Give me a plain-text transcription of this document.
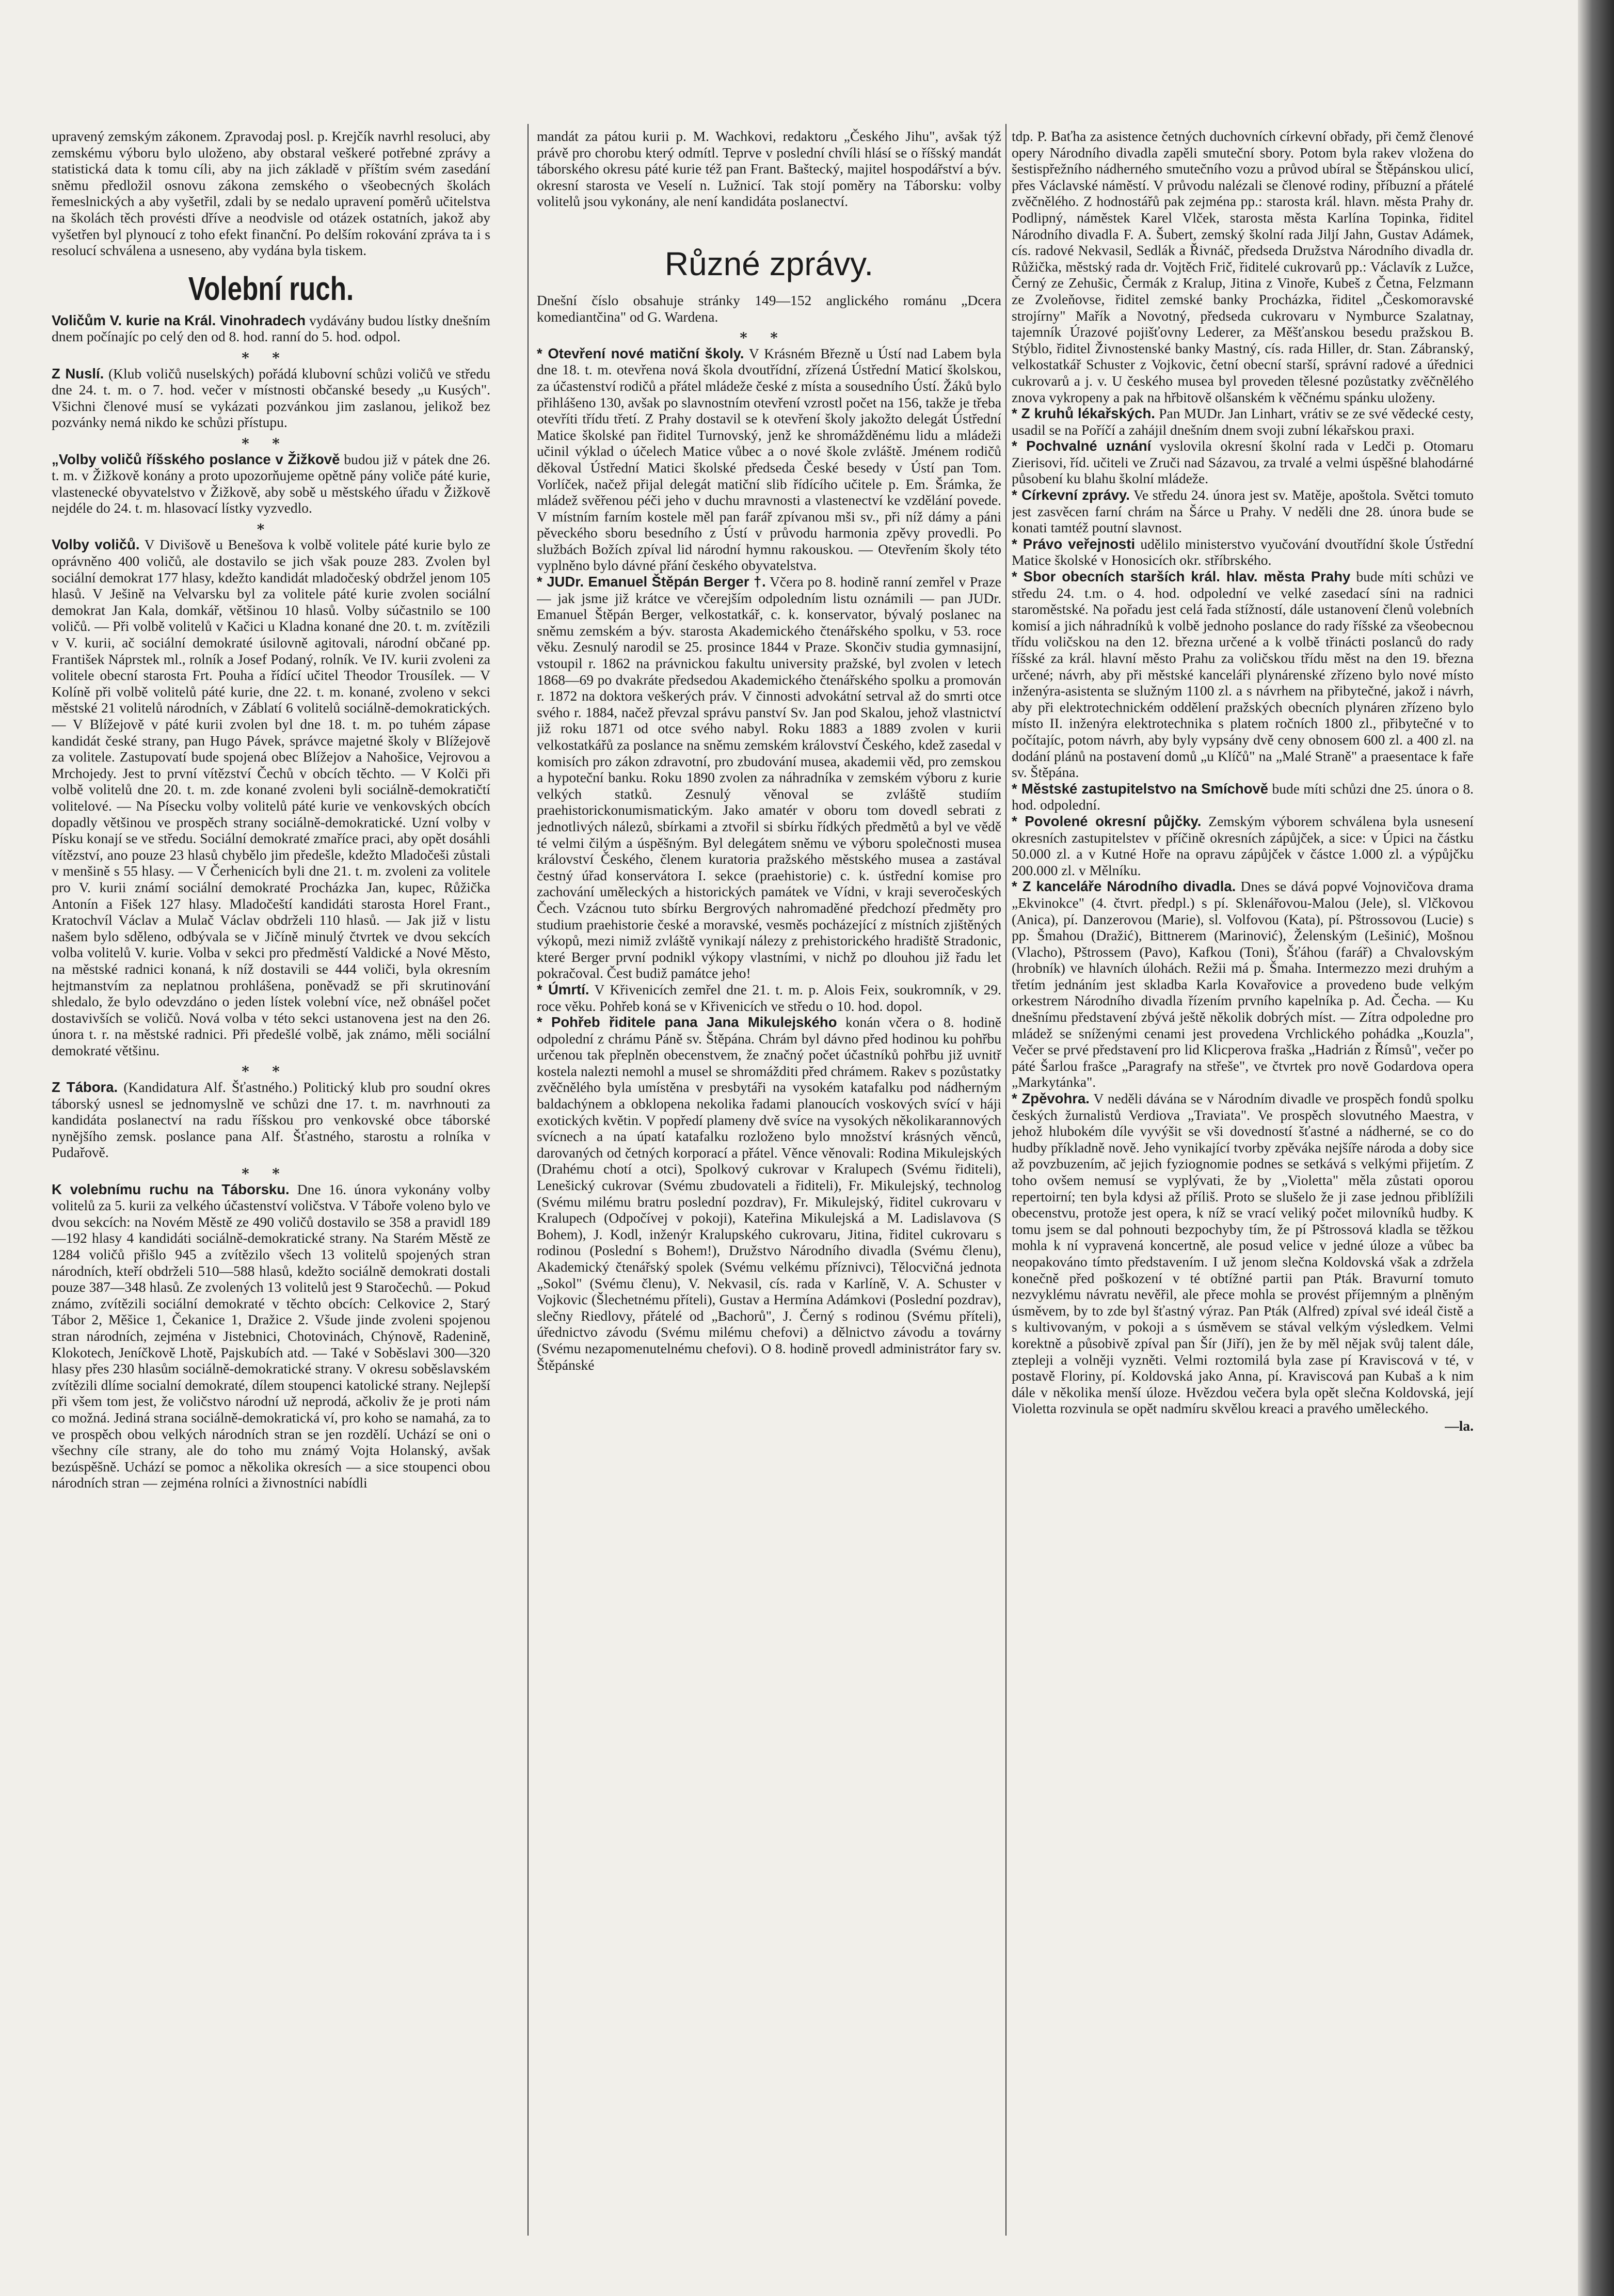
upravený zemským zákonem. Zpravodaj posl. p. Krejčík navrhl resoluci, aby zemskému výboru bylo uloženo, aby obstaral veškeré potřebné zprávy a statistická data k tomu cíli, aby na jich základě v příštím svém zasedání sněmu předložil osnovu zákona zemského o všeobecných školách řemeslnických a aby vyšetřil, zdali by se nedalo upravení poměrů učitelstva na školách těch provésti dříve a neodvisle od otázek ostatních, jakož aby vyšetřen byl plynoucí z toho efekt finanční. Po delším rokování zpráva ta i s resolucí schválena a usneseno, aby vydána byla tiskem.

Volební ruch.

Voličům V. kurie na Král. Vinohradech vydávány budou lístky dnešním dnem počínajíc po celý den od 8. hod. ranní do 5. hod. odpol.

∗∗

Z Nuslí. (Klub voličů nuselských) pořádá klubovní schůzi voličů ve středu dne 24. t. m. o 7. hod. večer v místnosti občanské besedy „u Kusých". Všichni členové musí se vykázati pozvánkou jim zaslanou, jelikož bez pozvánky nemá nikdo ke schůzi přístupu.

∗∗

„Volby voličů říšského poslance v Žižkově budou již v pátek dne 26. t. m. v Žižkově konány a proto upozorňujeme opětně pány voliče páté kurie, vlastenecké obyvatelstvo v Žižkově, aby sobě u městského úřadu v Žižkově nejdéle do 24. t. m. hlasovací lístky vyzvedlo.

∗

Volby voličů. V Divišově u Benešova k volbě volitele páté kurie bylo ze oprávněno 400 voličů, ale dostavilo se jich však pouze 283. Zvolen byl sociální demokrat 177 hlasy, kdežto kandidát mladočeský obdržel jenom 105 hlasů. V Ješině na Velvarsku byl za volitele páté kurie zvolen sociální demokrat Jan Kala, domkář, většinou 10 hlasů. Volby súčastnilo se 100 voličů. — Při volbě volitelů v Kačici u Kladna konané dne 20. t. m. zvítězili v V. kurii, ač sociální demokraté úsilovně agitovali, národní občané pp. František Náprstek ml., rolník a Josef Podaný, rolník. Ve IV. kurii zvoleni za volitele obecní starosta Frt. Pouha a řídící učitel Theodor Trousílek. — V Kolíně při volbě volitelů páté kurie, dne 22. t. m. konané, zvoleno v sekci městské 21 volitelů národních, v Záblatí 6 volitelů sociálně-demokratických. — V Blížejově v páté kurii zvolen byl dne 18. t. m. po tuhém zápase kandidát české strany, pan Hugo Pávek, správce majetné školy v Blížejově za volitele. Zastupovatí bude spojená obec Blížejov a Nahošice, Vejrovou a Mrchojedy. Jest to první vítězství Čechů v obcích těchto. — V Kolči při volbě volitelů dne 20. t. m. zde konané zvoleni byli sociálně-demokratičtí volitelové. — Na Písecku volby volitelů páté kurie ve venkovských obcích dopadly většinou ve prospěch strany sociálně-demokratické. Uzní volby v Písku konají se ve středu. Sociální demokraté zmaříce praci, aby opět dosáhli vítězství, ano pouze 23 hlasů chybělo jim předešle, kdežto Mladočeši zůstali v menšině s 55 hlasy. — V Čerhenicích byli dne 21. t. m. zvoleni za volitele pro V. kurii známí sociální demokraté Procházka Jan, kupec, Růžička Antonín a Fišek 127 hlasy. Mladočeští kandidáti starosta Horel Frant., Kratochvíl Václav a Mulač Václav obdrželi 110 hlasů. — Jak již v listu našem bylo sděleno, odbývala se v Jičíně minulý čtvrtek ve dvou sekcích volba volitelů V. kurie. Volba v sekci pro předměstí Valdické a Nové Město, na městské radnici konaná, k níž dostavili se 444 voliči, byla okresním hejtmanstvím za neplatnou prohlášena, poněvadž se při skrutinování shledalo, že bylo odevzdáno o jeden lístek volební více, než obnášel počet dostavivších se voličů. Nová volba v této sekci ustanovena jest na den 26. února t. r. na městské radnici. Při předešlé volbě, jak známo, měli sociální demokraté většinu.

∗∗

Z Tábora. (Kandidatura Alf. Šťastného.) Politický klub pro soudní okres táborský usnesl se jednomyslně ve schůzi dne 17. t. m. navrhnouti za kandidáta poslanectví na radu říšskou pro venkovské obce táborské nynějšího zemsk. poslance pana Alf. Šťastného, starostu a rolníka v Pudařově.

∗∗

K volebnímu ruchu na Táborsku. Dne 16. února vykonány volby volitelů za 5. kurii za velkého účastenství voličstva. V Táboře voleno bylo ve dvou sekcích: na Novém Městě ze 490 voličů dostavilo se 358 a pravidl 189—192 hlasy 4 kandidáti sociálně-demokratické strany. Na Starém Městě ze 1284 voličů přišlo 945 a zvítězilo všech 13 volitelů spojených stran národních, kteří obdrželi 510—588 hlasů, kdežto sociálně demokrati dostali pouze 387—348 hlasů. Ze zvolených 13 volitelů jest 9 Staročechů. — Pokud známo, zvítězili sociální demokraté v těchto obcích: Celkovice 2, Starý Tábor 2, Měšice 1, Čekanice 1, Dražice 2. Všude jinde zvoleni spojenou stran národních, zejména v Jistebnici, Chotovinách, Chýnově, Radenině, Klokotech, Jeníčkově Lhotě, Pajskubích atd. — Také v Soběslavi 300—320 hlasy přes 230 hlasům sociálně-demokratické strany. V okresu soběslavském zvítězili dlíme socialní demokraté, dílem stoupenci katolické strany. Nejlepší při všem tom jest, že voličstvo národní už neprodá, ačkoliv že je proti nám co možná. Jediná strana sociálně-demokratická ví, pro koho se namahá, za to ve prospěch obou velkých národních stran se jen rozdělí. Uchází se oni o všechny cíle strany, ale do toho mu známý Vojta Holanský, avšak bezúspěšně. Uchází se pomoc a několika okresích — a sice stoupenci obou národních stran — zejména rolníci a živnostníci nabídli

mandát za pátou kurii p. M. Wachkovi, redaktoru „Českého Jihu", avšak týž právě pro chorobu který odmítl. Teprve v poslední chvíli hlásí se o říšský mandát táborského okresu páté kurie též pan Frant. Baštecký, majitel hospodářství a býv. okresní starosta ve Veselí n. Lužnicí. Tak stojí poměry na Táborsku: volby volitelů jsou vykonány, ale není kandidáta poslanectví.

Různé zprávy.

Dnešní číslo obsahuje stránky 149—152 anglického románu „Dcera komediantčina" od G. Wardena.

∗∗

* Otevření nové matiční školy. V Krásném Březně u Ústí nad Labem byla dne 18. t. m. otevřena nová škola dvoutřídní, zřízená Ústřední Maticí školskou, za účastenství rodičů a přátel mládeže české z místa a sousedního Ústí. Žáků bylo přihlášeno 130, avšak po slavnostním otevření vzrostl počet na 156, takže je třeba otevříti třídu třetí. Z Prahy dostavil se k otevření školy jakožto delegát Ústřední Matice školské pan řiditel Turnovský, jenž ke shromážděnému lidu a mládeži učinil výklad o účelech Matice vůbec a o nové škole zvláště. Jménem rodičů děkoval Ústřední Matici školské předseda České besedy v Ústí pan Tom. Vorlíček, načež přijal delegát matiční slib řídícího učitele p. Em. Šrámka, že mládež svěřenou péči jeho v duchu mravnosti a vlastenectví ke vzdělání povede. V místním farním kostele měl pan farář zpívanou mši sv., při níž dámy a páni pěveckého sboru besedního z Ústí v průvodu harmonia zpěvy provedli. Po službách Božích zpíval lid národní hymnu rakouskou. — Otevřením školy této vyplněno bylo dávné přání českého obyvatelstva.

* JUDr. Emanuel Štěpán Berger †. Včera po 8. hodině ranní zemřel v Praze — jak jsme již krátce ve včerejším odpoledním listu oznámili — pan JUDr. Emanuel Štěpán Berger, velkostatkář, c. k. konservator, bývalý poslanec na sněmu zemském a býv. starosta Akademického čtenářského spolku, v 53. roce věku. Zesnulý narodil se 25. prosince 1844 v Praze. Skončiv studia gymnasijní, vstoupil r. 1862 na právnickou fakultu university pražské, byl zvolen v letech 1868—69 po dvakráte předsedou Akademického čtenářského spolku a promován r. 1872 na doktora veškerých práv. V činnosti advokátní setrval až do smrti otce svého r. 1884, načež převzal správu panství Sv. Jan pod Skalou, jehož vlastnictví již roku 1871 od otce svého nabyl. Roku 1883 a 1889 zvolen v kurii velkostatkářů za poslance na sněmu zemském království Českého, kdež zasedal v komisích pro zákon zdravotní, pro zbudování musea, akademii věd, pro zemskou a hypoteční banku. Roku 1890 zvolen za náhradníka v zemském výboru z kurie velkých statků. Zesnulý věnoval se zvláště studiím praehistorickonumismatickým. Jako amatér v oboru tom dovedl sebrati z jednotlivých nálezů, sbírkami a ztvořil si sbírku řídkých předmětů a byl ve vědě té velmi čilým a úspěšným. Byl delegátem sněmu ve výboru společnosti musea království Českého, členem kuratoria pražského městského musea a zastával čestný úřad konservátora I. sekce (praehistorie) c. k. ústřední komise pro zachování uměleckých a historických památek ve Vídni, v kraji severočeských Čech. Vzácnou tuto sbírku Bergrových nahromaděné předchozí předměty pro studium praehistorie české a moravské, vesměs pocházející z místních zjištěných výkopů, mezi nimiž zvláště vynikají nálezy z prehistorického hradiště Stradonic, které Berger první podnikl výkopy vlastními, v nichž po dlouhou již řadu let pokračoval. Čest budiž památce jeho!

* Úmrtí. V Křivenicích zemřel dne 21. t. m. p. Alois Feix, soukromník, v 29. roce věku. Pohřeb koná se v Křivenicích ve středu o 10. hod. dopol.

* Pohřeb řiditele pana Jana Mikulejského konán včera o 8. hodině odpolední z chrámu Páně sv. Štěpána. Chrám byl dávno před hodinou ku pohřbu určenou tak přeplněn obecenstvem, že značný počet účastníků pohřbu již uvnitř kostela nalezti nemohl a musel se shromážditi před chrámem. Rakev s pozůstatky zvěčnělého byla umístěna v presbytáři na vysokém katafalku pod nádherným baldachýnem a obklopena nekolika řadami planoucích voskových svící v háji exotických květin. V popředí plameny dvě svíce na vysokých několikarannových svícnech a na úpatí katafalku rozloženo bylo množství krásných věnců, darovaných od četných korporací a přátel. Věnce věnovali: Rodina Mikulejských (Drahému chotí a otci), Spolkový cukrovar v Kralupech (Svému řiditeli), Lenešický cukrovar (Svému zbudovateli a řiditeli), Fr. Mikulejský, technolog (Svému milému bratru poslední pozdrav), Fr. Mikulejský, řiditel cukrovaru v Kralupech (Odpočívej v pokoji), Kateřina Mikulejská a M. Ladislavova (S Bohem), J. Kodl, inženýr Kralupského cukrovaru, Jitina, řiditel cukrovaru s rodinou (Poslední s Bohem!), Družstvo Národního divadla (Svému členu), Akademický čtenářský spolek (Svému velkému příznivci), Tělocvičná jednota „Sokol" (Svému členu), V. Nekvasil, cís. rada v Karlíně, V. A. Schuster v Vojkovic (Šlechetnému příteli), Gustav a Hermína Adámkovi (Poslední pozdrav), slečny Riedlovy, přátelé od „Bachorů", J. Černý s rodinou (Svému příteli), úřednictvo závodu (Svému milému chefovi) a dělnictvo závodu a továrny (Svému nezapomenutelnému chefovi). O 8. hodině provedl administrátor fary sv. Štěpánské

tdp. P. Baťha za asistence četných duchovních církevní obřady, při čemž členové opery Národního divadla zapěli smuteční sbory. Potom byla rakev vložena do šestispřežního nádherného smutečního vozu a průvod ubíral se Štěpánskou ulicí, přes Václavské náměstí. V průvodu nalézali se členové rodiny, příbuzní a přátelé zvěčnělého. Z hodnostářů pak zejména pp.: starosta král. hlavn. města Prahy dr. Podlipný, náměstek Karel Vlček, starosta města Karlína Topinka, řiditel Národního divadla F. A. Šubert, zemský školní rada Jiljí Jahn, Gustav Adámek, cís. radové Nekvasil, Sedlák a Řivnáč, předseda Družstva Národního divadla dr. Růžička, městský rada dr. Vojtěch Frič, řiditelé cukrovarů pp.: Václavík z Lužce, Černý ze Zehušic, Čermák z Kralup, Jitina z Vinoře, Kubeš z Četna, Felzmann ze Zvoleňovse, řiditel zemské banky Procházka, řiditel „Českomoravské strojírny" Mařík a Novotný, předseda cukrovaru v Nymburce Szalatnay, tajemník Úrazové pojišťovny Lederer, za Měšťanskou besedu pražskou B. Stýblo, řiditel Živnostenské banky Mastný, cís. rada Hiller, dr. Stan. Zábranský, velkostatkář Schuster z Vojkovic, četní obecní starší, správní radové a úřednici cukrovarů a j. v. U českého musea byl proveden tělesné pozůstatky zvěčnělého znova vykropeny a pak na hřbitově olšanském k věčnému spánku uloženy.

* Z kruhů lékařských. Pan MUDr. Jan Linhart, vrátiv se ze své vědecké cesty, usadil se na Poříčí a zahájil dnešním dnem svoji zubní lékařskou praxi.

* Pochvalné uznání vyslovila okresní školní rada v Ledči p. Otomaru Zierisovi, říd. učiteli ve Zruči nad Sázavou, za trvalé a velmi úspěšné blahodárné působení ku blahu školní mládeže.

* Církevní zprávy. Ve středu 24. února jest sv. Matěje, apoštola. Světci tomuto jest zasvěcen farní chrám na Šárce u Prahy. V neděli dne 28. února bude se konati tamtéž poutní slavnost.

* Právo veřejnosti udělilo ministerstvo vyučování dvoutřídní škole Ústřední Matice školské v Honosicích okr. stříbrského.

* Sbor obecních starších král. hlav. města Prahy bude míti schůzi ve středu 24. t.m. o 4. hod. odpolední ve velké zasedací síni na radnici staroměstské. Na pořadu jest celá řada stížností, dále ustanovení členů volebních komisí a jich náhradníků k volbě jednoho poslance do rady říšské za všeobecnou třídu voličskou na den 12. března určené a k volbě třinácti poslanců do rady říšské za král. hlavní město Prahu za voličskou třídu měst na den 19. března určené; návrh, aby při městské kanceláři plynárenské zřízeno bylo nové místo inženýra-asistenta se služným 1100 zl. a s návrhem na přibytečné, jakož i návrh, aby při elektrotechnickém oddělení pražských obecních plynáren zřízeno bylo místo II. inženýra elektrotechnika s platem ročních 1800 zl., přibytečné v to počítajíc, potom návrh, aby byly vypsány dvě ceny obnosem 600 zl. a 400 zl. na dodání plánů na postavení domů „u Klíčů" na „Malé Straně" a praesentace k faře sv. Štěpána.

* Městské zastupitelstvo na Smíchově bude míti schůzi dne 25. února o 8. hod. odpolední.

* Povolené okresní půjčky. Zemským výborem schválena byla usnesení okresních zastupitelstev v příčině okresních zápůjček, a sice: v Úpici na částku 50.000 zl. a v Kutné Hoře na opravu zápůjček v částce 1.000 zl. a výpůjčku 200.000 zl. v Mělníku.

* Z kanceláře Národního divadla. Dnes se dává popvé Vojnovičova drama „Ekvinokce" (4. čtvrt. předpl.) s pí. Sklenářovou-Malou (Jele), sl. Vlčkovou (Anica), pí. Danzerovou (Marie), sl. Volfovou (Kata), pí. Pštrossovou (Lucie) s pp. Šmahou (Dražić), Bittnerem (Marinović), Želenským (Lešinić), Mošnou (Vlacho), Pštrossem (Pavo), Kafkou (Toni), Šťáhou (farář) a Chvalovským (hrobník) ve hlavních úlohách. Režii má p. Šmaha. Intermezzo mezi druhým a třetím jednáním jest skladba Karla Kovařovice a provedeno bude velkým orkestrem Národního divadla řízením prvního kapelníka p. Ad. Čecha. — Ku dnešnímu představení zbývá ještě několik dobrých míst. — Zítra odpoledne pro mládež se sníženými cenami jest provedena Vrchlického pohádka „Kouzla", Večer se prvé představení pro lid Klicperova fraška „Hadrián z Římsů", večer po páté Šarlou frašce „Paragrafy na střeše", ve čtvrtek pro nově Godardova opera „Markytánka".

* Zpěvohra. V neděli dávána se v Národním divadle ve prospěch fondů spolku českých žurnalistů Verdiova „Traviata". Ve prospěch slovutného Maestra, v jehož hlubokém díle vyvýšit se vši dovedností šťastné a nádherné, se co do hudby příkladně nově. Jeho vynikající tvorby zpěváka nejšíře národa a doby sice až povzbuzením, ač jejich fyziognomie podnes se setkává s velkými přijetím. Z toho ovšem nemusí se vyplývati, že by „Violetta" měla zůstati oporou repertoirní; ten byla kdysi až příliš. Proto se slušelo že ji zase jednou přiblížili obecenstvu, protože jest opera, k níž se vrací veliký počet milovníků hudby. K tomu jsem se dal pohnouti bezpochyby tím, že pí Pštrossová kladla se těžkou mohla k ní vypravená koncertně, ale posud velice v jedné úloze a vůbec ba neopakováno tímto představením. I už jenom slečna Koldovská však a zdržela konečně před poškození v té obtížné partii pan Pták. Bravurní tomuto nezvyklému návratu nevěřil, ale přece mohla se provést příjemným a plněným úsměvem, by to zde byl šťastný výraz. Pan Pták (Alfred) zpíval své ideál čistě a s kultivovaným, v pokoji a s úsměvem se stával velkým výsledkem. Velmi korektně a působivě zpíval pan Šír (Jiří), jen že by měl nějak svůj talent dále, ztepleji a volněji vyzněti. Velmi roztomilá byla zase pí Kraviscová v té, v postavě Floriny, pí. Koldovská jako Anna, pí. Kraviscová pan Kubaš a k nim dále v několika menší úloze. Hvězdou večera byla opět slečna Koldovská, její Violetta rozvinula se opět nadmíru skvělou kreaci a pravého uměleckého.

—la.
